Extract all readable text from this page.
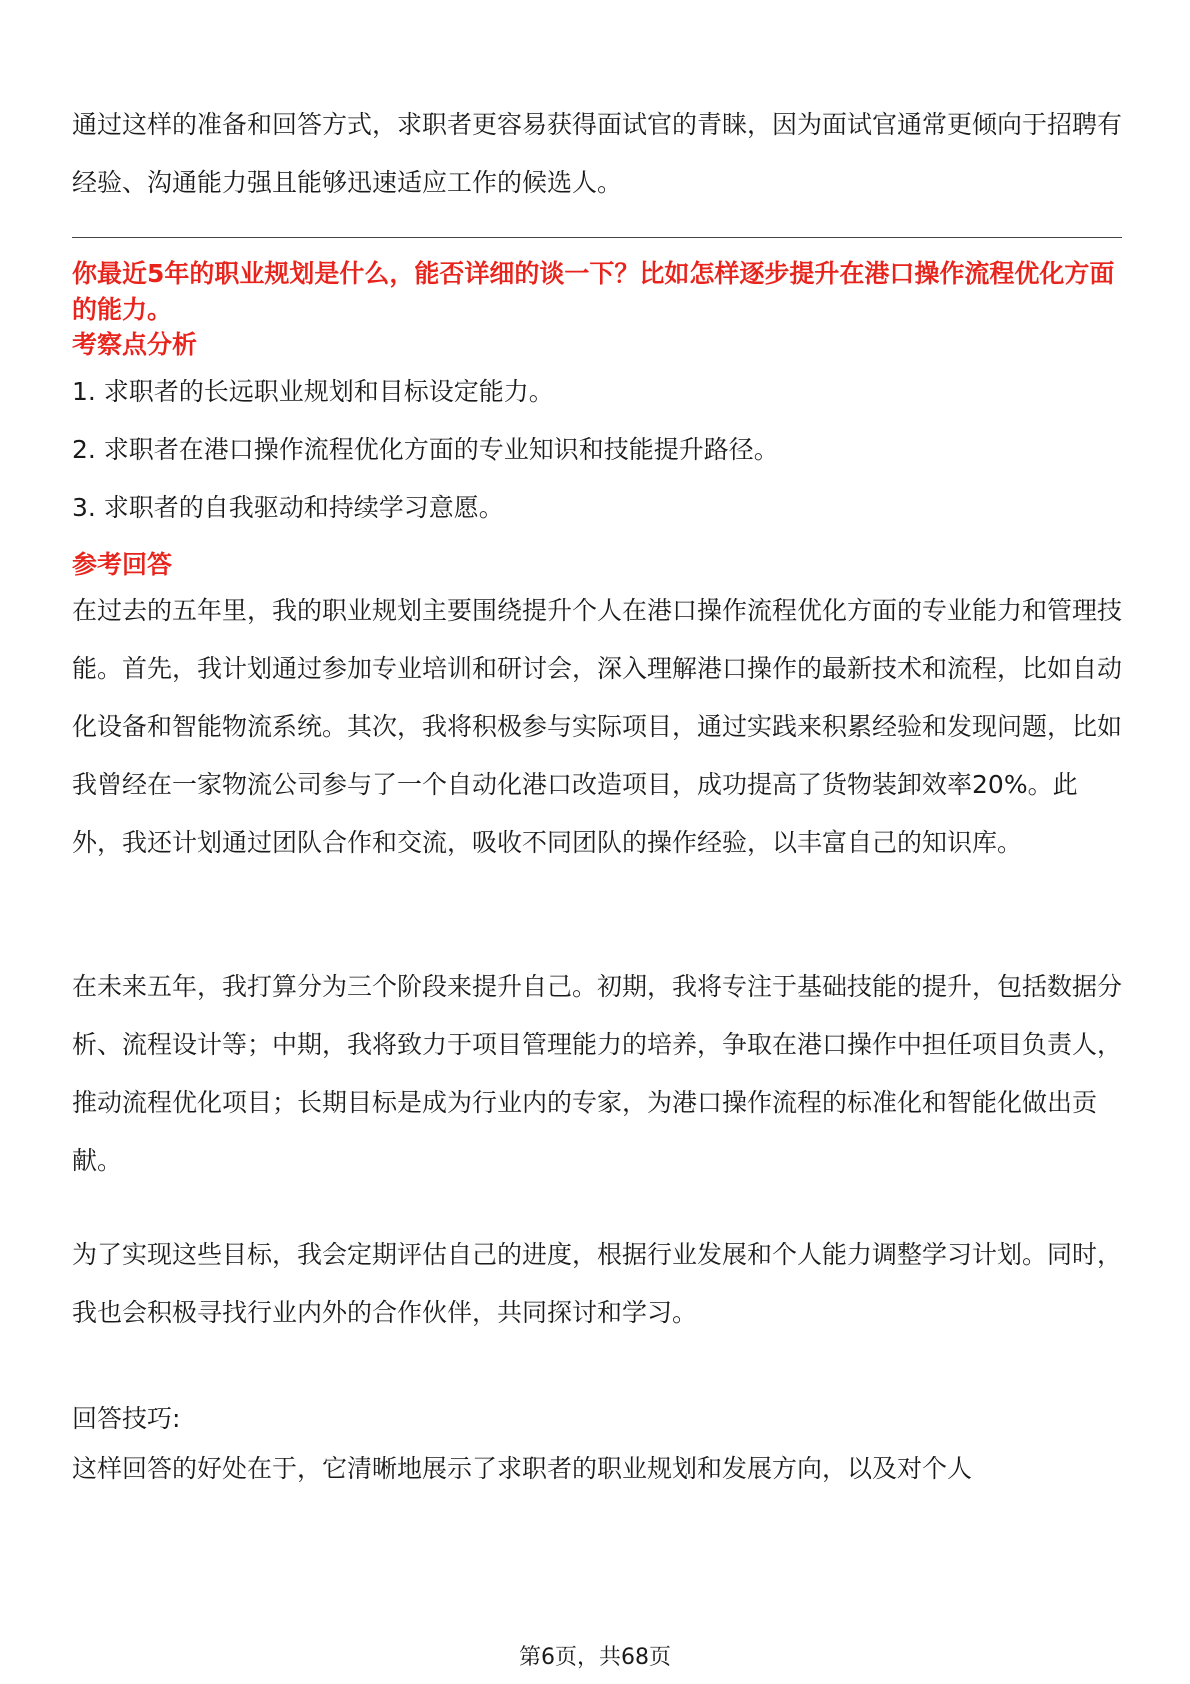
通过这样的准备和回答方式，求职者更容易获得面试官的青睐，因为面试官通常更倾向于招聘有经验、沟通能力强且能够迅速适应工作的候选人。

你最近5年的职业规划是什么，能否详细的谈一下？比如怎样逐步提升在港口操作流程优化方面的能力。

考察点分析

1. 求职者的长远职业规划和目标设定能力。
2. 求职者在港口操作流程优化方面的专业知识和技能提升路径。
3. 求职者的自我驱动和持续学习意愿。

参考回答

在过去的五年里，我的职业规划主要围绕提升个人在港口操作流程优化方面的专业能力和管理技能。首先，我计划通过参加专业培训和研讨会，深入理解港口操作的最新技术和流程，比如自动化设备和智能物流系统。其次，我将积极参与实际项目，通过实践来积累经验和发现问题，比如我曾经在一家物流公司参与了一个自动化港口改造项目，成功提高了货物装卸效率20%。此外，我还计划通过团队合作和交流，吸收不同团队的操作经验，以丰富自己的知识库。

在未来五年，我打算分为三个阶段来提升自己。初期，我将专注于基础技能的提升，包括数据分析、流程设计等；中期，我将致力于项目管理能力的培养，争取在港口操作中担任项目负责人，推动流程优化项目；长期目标是成为行业内的专家，为港口操作流程的标准化和智能化做出贡献。

为了实现这些目标，我会定期评估自己的进度，根据行业发展和个人能力调整学习计划。同时，我也会积极寻找行业内外的合作伙伴，共同探讨和学习。

回答技巧:

这样回答的好处在于，它清晰地展示了求职者的职业规划和发展方向，以及对个人

第6页，共68页
